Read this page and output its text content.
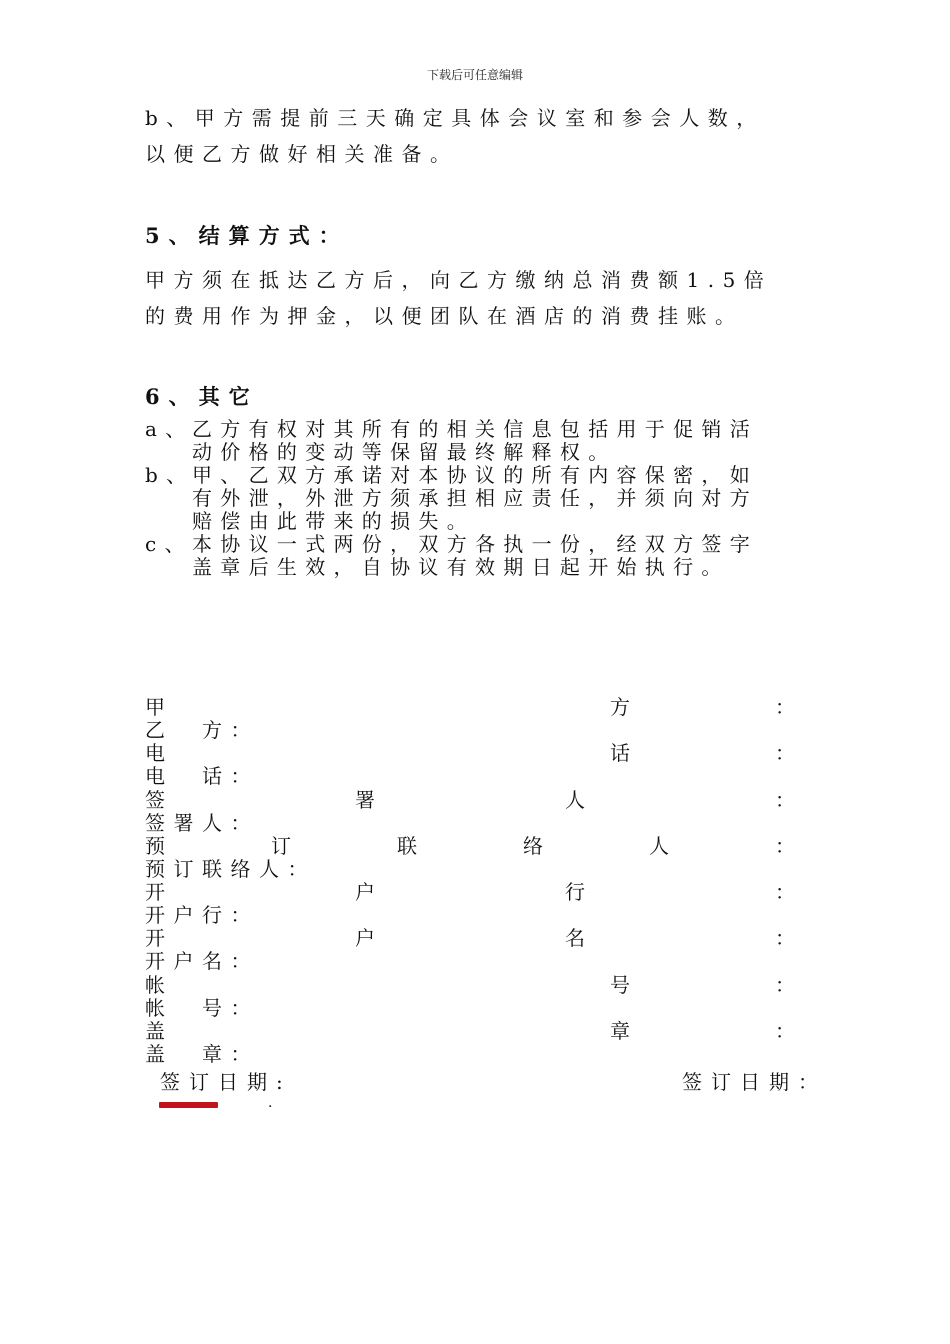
下载后可任意编辑
b、甲方需提前三天确定具体会议室和参会人数，
以便乙方做好相关准备。
5、结算方式：
甲方须在抵达乙方后，向乙方缴纳总消费额1.5倍
的费用作为押金，以便团队在酒店的消费挂账。
6、其它
a、
乙方有权对其所有的相关信息包括用于促销活
动价格的变动等保留最终解释权。
b、
甲、乙双方承诺对本协议的所有内容保密，如
有外泄，外泄方须承担相应责任，并须向对方
赔偿由此带来的损失。
c、 本协议一式两份，双方各执一份，经双方签字
盖章后生效，自协议有效期日起开始执行。
甲	方	：
乙　方：
电	话	：
电　话：
签	署	人	：
签署人：
预	订	联	络	人	：
预订联络人：
开	户	行	：
开户行：
开	户	名	：
开户名：
帐	号	：
帐　号：
盖	章	：
盖　章：
签订日期:	签订日期：
.
